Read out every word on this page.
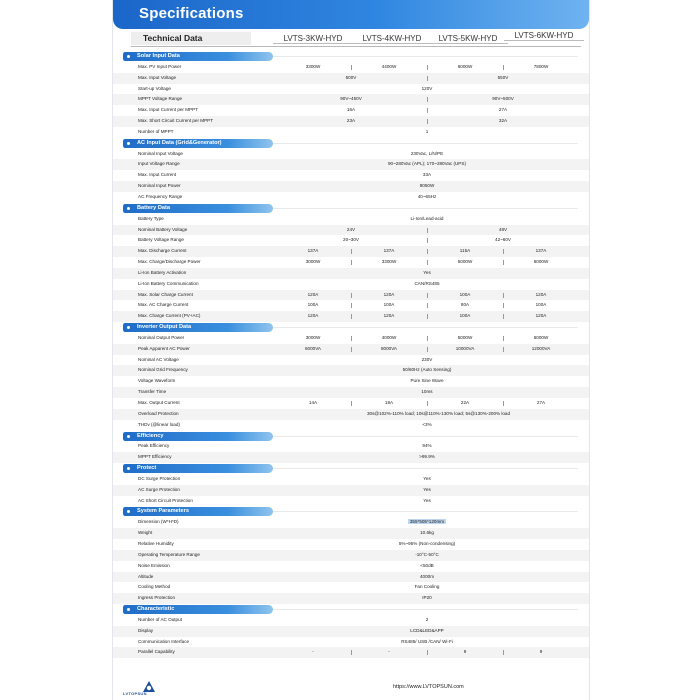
Specifications
Technical Data	LVTS-3KW-HYD	LVTS-4KW-HYD	LVTS-5KW-HYD	LVTS-6KW-HYD
Solar Input Data
Max. PV Input Power	3300W	4400W	6000W	7800W
Max. Input Voltage	500V	550V
Start-up Voltage	120V
MPPT Voltage Range	90V~450V	90V~500V
Max. Input Current per MPPT	16A	27A
Max. Short Circuit Current per MPPT	23A	32A
Number of MPPT	1
AC Input Data (Grid&Generator)
Nominal Input Voltage	230Vac, L/N/PE
Input Voltage Range	90~280Vac (APL); 170~280Vac (UPS)
Max. Input Current	33A
Nominal Input Power	8050W
AC Frequency Range	40~65Hz
Battery Data
Battery Type	Li-Ion/Lead-acid
Nominal Battery Voltage	24V	48V
Battery Voltage Range	20~30V	42~60V
Max. Discharge Current	137A	137A	115A	137A
Max. Charge/Discharge Power	3000W	3300W	5000W	6000W
Li-Ion Battery Activation	Yes
Li-Ion Battery Communication	CAN/RS485
Max. Solar Charge Current	120A	120A	100A	120A
Max. AC Charge Current	100A	100A	80A	100A
Max. Charge Current (PV+AC)	120A	120A	100A	120A
Inverter Output Data
Nominal Output Power	3000W	4000W	5000W	6000W
Peak Apparent AC Power	6000VA	8000VA	10000VA	12000VA
Nominal AC Voltage	230V
Nominal Grid Frequency	50/60Hz (Auto Sensing)
Voltage Waveform	Pure Sine Wave
Transfer Time	10ms
Max. Output Current	14A	18A	22A	27A
Overload Protection	30s@102%-110% load; 10s@110%-130% load; 5s@130%-200% load
THDv (@linear load)	<3%
Efficiency
Peak Efficiency	94%
MPPT Efficiency	>99.9%
Protect
DC Surge Protection	Yes
AC Surge Protection	Yes
AC Short Circuit Protection	Yes
System Parameters
Dimension (W*H*D)	355*505*120mm
Weight	10.6kg
Relative Humidity	5%~95% (Non-condensing)
Operating Temperature Range	-10°C-50°C
Noise Emission	<50dB
Altitude	4000m
Cooling Method	Fan Cooling
Ingress Protection	IP20
Characteristic
Number of AC Output	2
Display	LCD&LED&APP
Communication Interface	RS485/ USB /CAN/ Wi-Fi
Parallel Capability	-	-	9	9
LVTOPSUN
https://www.LVTOPSUN.com
